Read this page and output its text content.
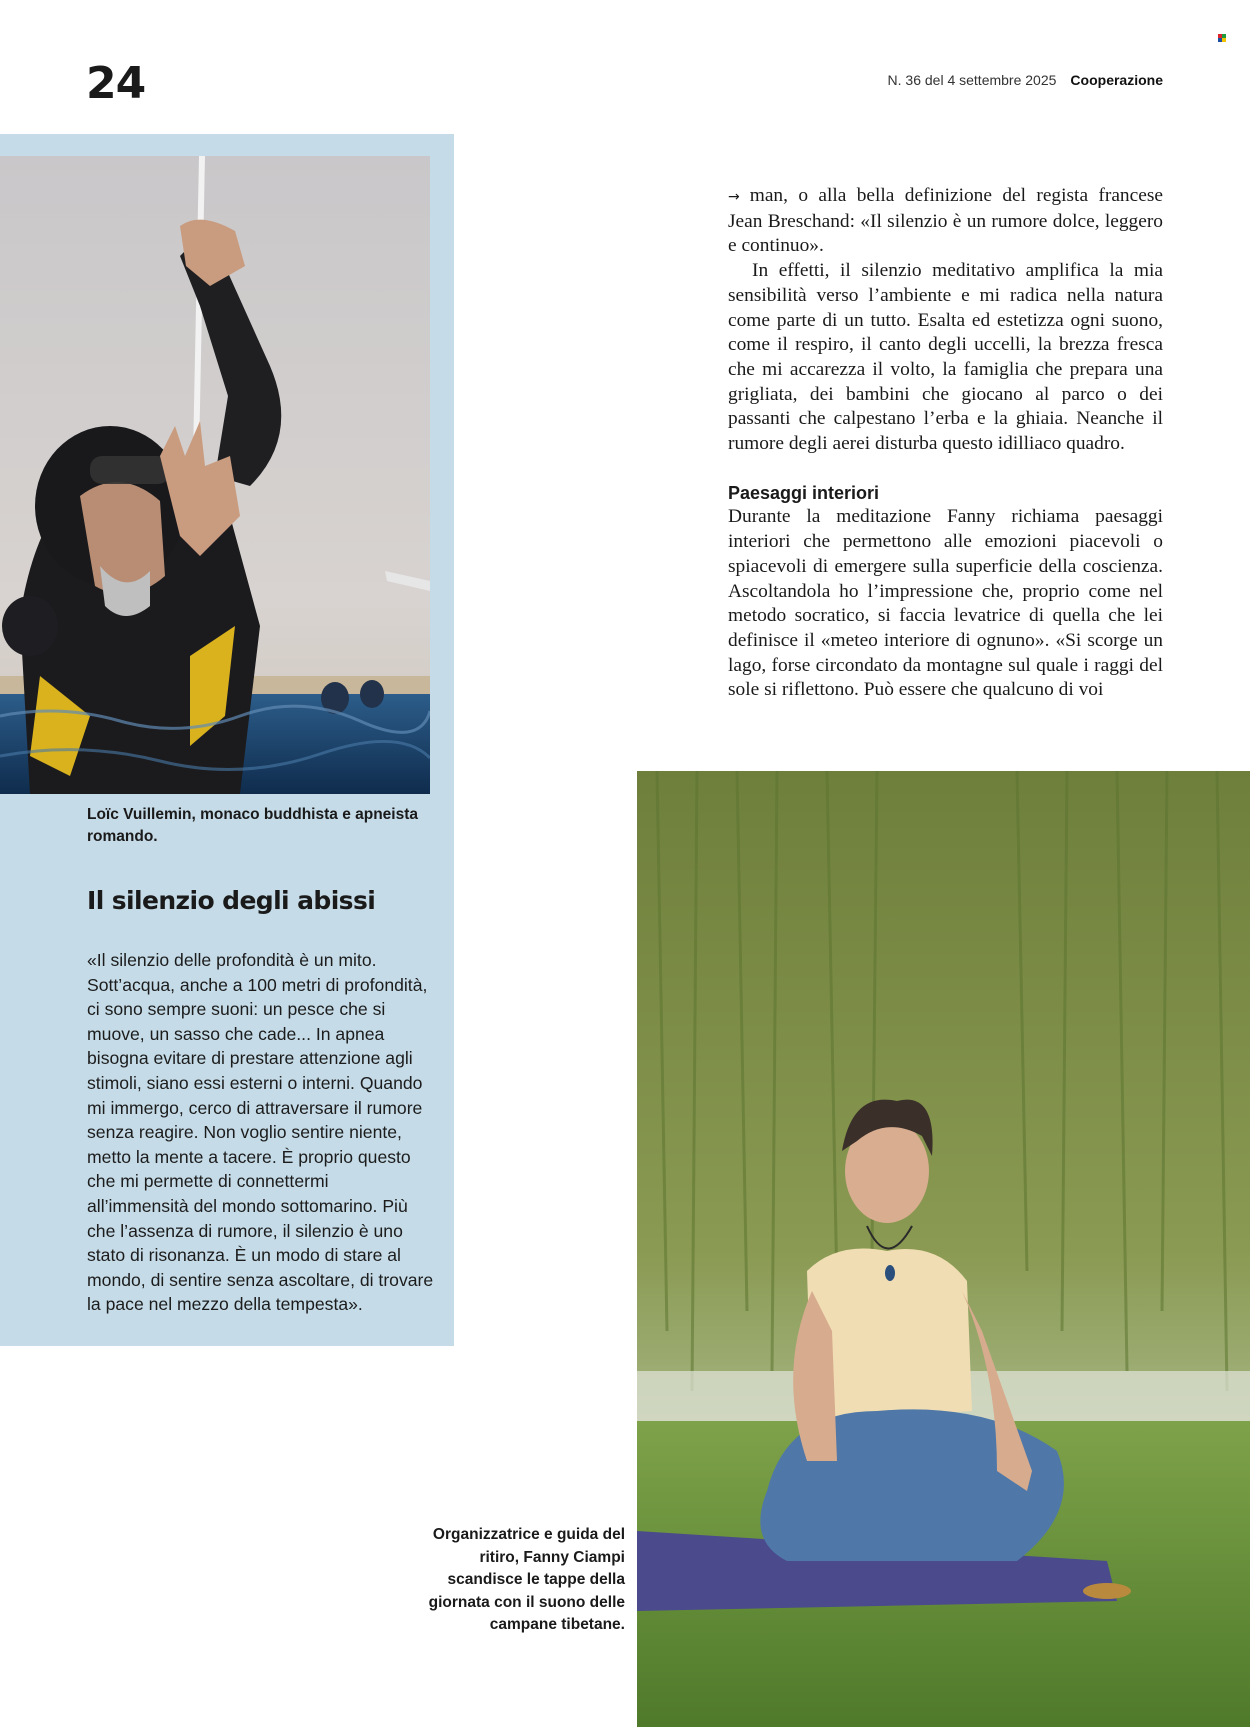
24	N. 36 del 4 settembre 2025 Cooperazione

Loïc Vuillemin, monaco buddhista e apneista romando.

Il silenzio degli abissi

«Il silenzio delle profondità è un mito. Sott’acqua, anche a 100 metri di profondità, ci sono sempre suoni: un pesce che si muove, un sasso che cade... In apnea bisogna evitare di prestare attenzione agli stimoli, siano essi esterni o interni. Quando mi immergo, cerco di attraversare il rumore senza reagire. Non voglio sentire niente, metto la mente a tacere. È proprio questo che mi permette di connettermi all’immensità del mondo sottomarino. Più che l’assenza di rumore, il silenzio è uno stato di risonanza. È un modo di stare al mondo, di sentire senza ascoltare, di trovare la pace nel mezzo della tempesta».

→ man, o alla bella definizione del regista francese Jean Breschand: «Il silenzio è un rumore dolce, leggero e continuo».

In effetti, il silenzio meditativo amplifica la mia sensibilità verso l’ambiente e mi radica nella natura come parte di un tutto. Esalta ed estetizza ogni suono, come il respiro, il canto degli uccelli, la brezza fresca che mi accarezza il volto, la famiglia che prepara una grigliata, dei bambini che giocano al parco o dei passanti che calpestano l’erba e la ghiaia. Neanche il rumore degli aerei disturba questo idilliaco quadro.

Paesaggi interiori

Durante la meditazione Fanny richiama paesaggi interiori che permettono alle emozioni piacevoli o spiacevoli di emergere sulla superficie della coscienza. Ascoltandola ho l’impressione che, proprio come nel metodo socratico, si faccia levatrice di quella che lei definisce il «meteo interiore di ognuno». «Si scorge un lago, forse circondato da montagne sul quale i raggi del sole si riflettono. Può essere che qualcuno di voi

Organizzatrice e guida del ritiro, Fanny Ciampi scandisce le tappe della giornata con il suono delle campane tibetane.
